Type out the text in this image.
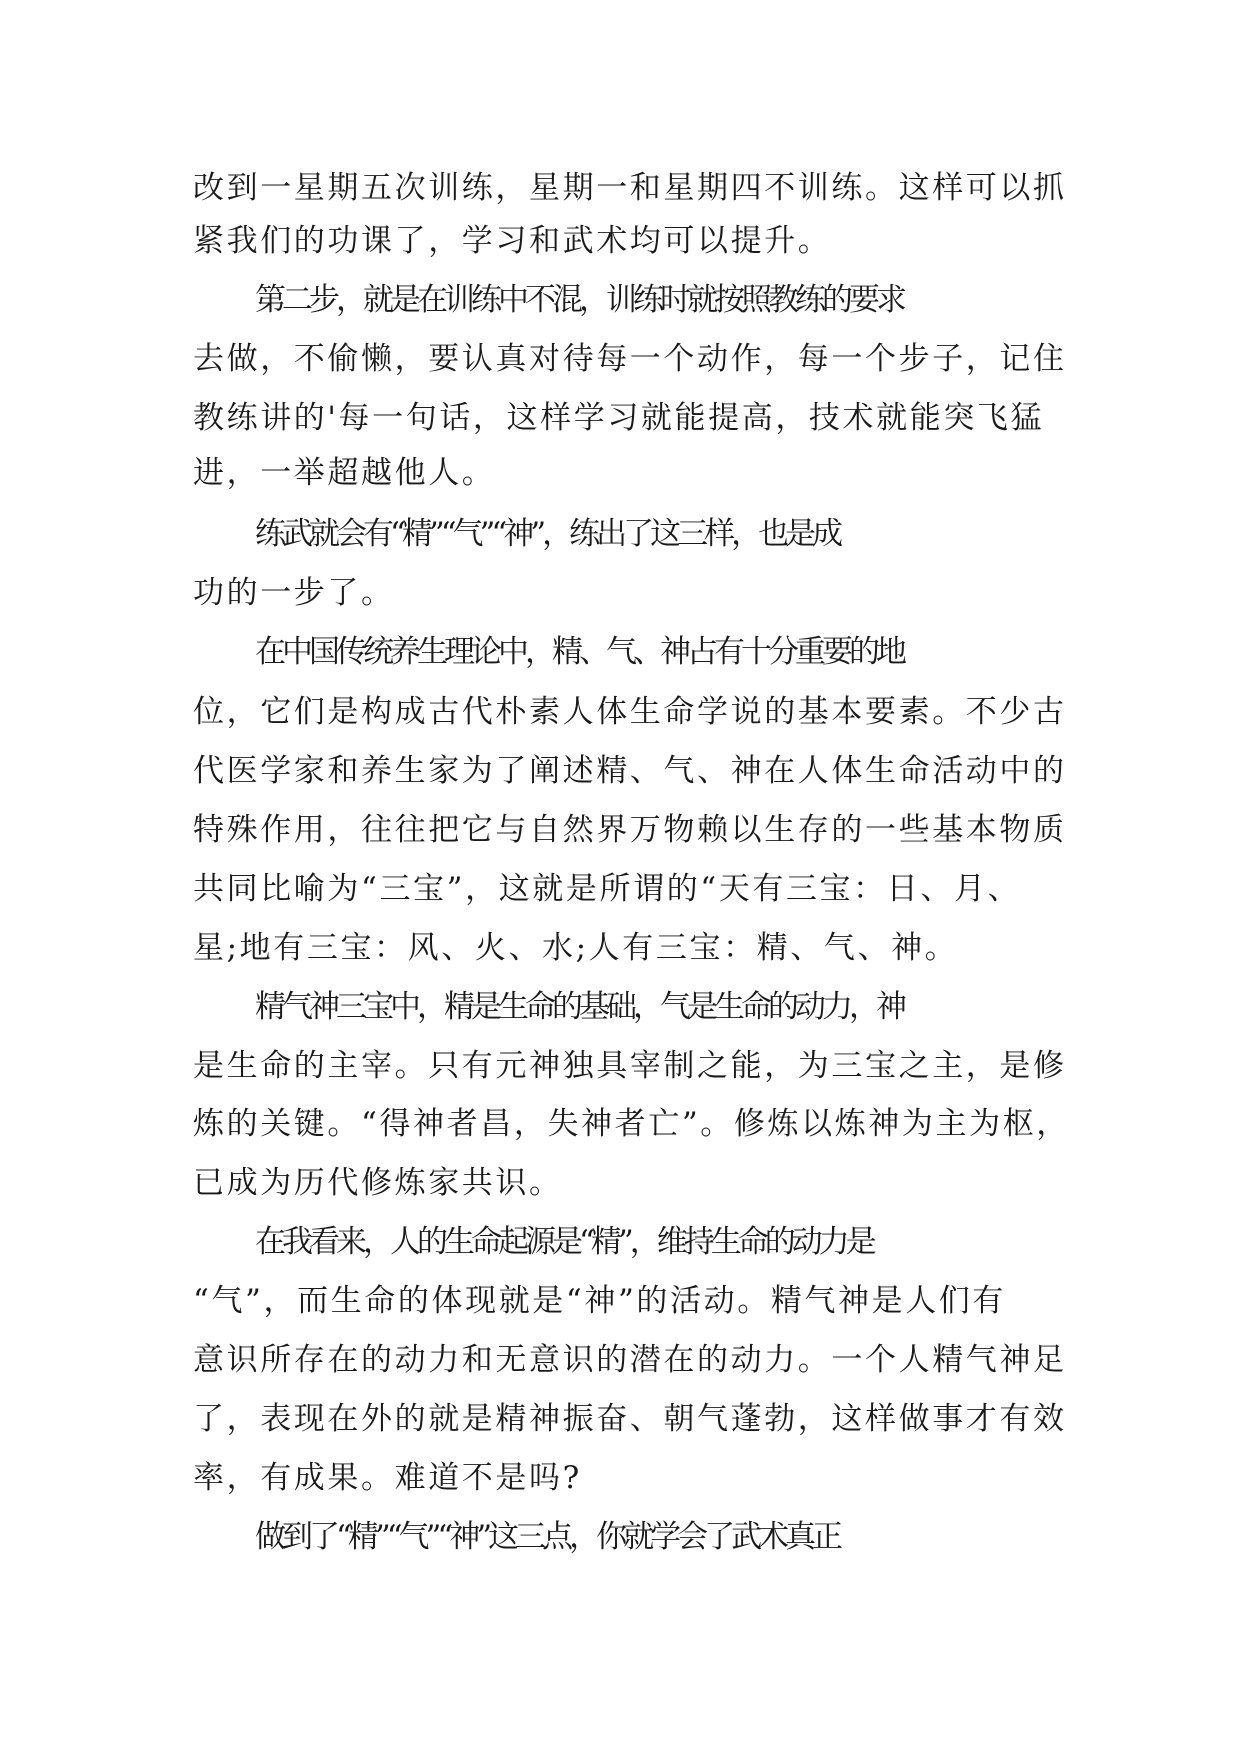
改到一星期五次训练，星期一和星期四不训练。这样可以抓
紧我们的功课了，学习和武术均可以提升。
第二步，就是在训练中不混，训练时就按照教练的要求
去做，不偷懒，要认真对待每一个动作，每一个步子，记住
教练讲的'每一句话，这样学习就能提高，技术就能突飞猛
进，一举超越他人。
练武就会有“精”“气”“神”，练出了这三样，也是成
功的一步了。
在中国传统养生理论中，精、气、神占有十分重要的地
位，它们是构成古代朴素人体生命学说的基本要素。不少古
代医学家和养生家为了阐述精、气、神在人体生命活动中的
特殊作用，往往把它与自然界万物赖以生存的一些基本物质
共同比喻为“三宝”，这就是所谓的“天有三宝：日、月、
星;地有三宝：风、火、水;人有三宝：精、气、神。
精气神三宝中，精是生命的基础，气是生命的动力，神
是生命的主宰。只有元神独具宰制之能，为三宝之主，是修
炼的关键。“得神者昌，失神者亡”。修炼以炼神为主为枢，
已成为历代修炼家共识。
在我看来，人的生命起源是“精”，维持生命的动力是
“气”，而生命的体现就是“神”的活动。精气神是人们有
意识所存在的动力和无意识的潜在的动力。一个人精气神足
了，表现在外的就是精神振奋、朝气蓬勃，这样做事才有效
率，有成果。难道不是吗?
做到了“精”“气”“神”这三点，你就学会了武术真正
